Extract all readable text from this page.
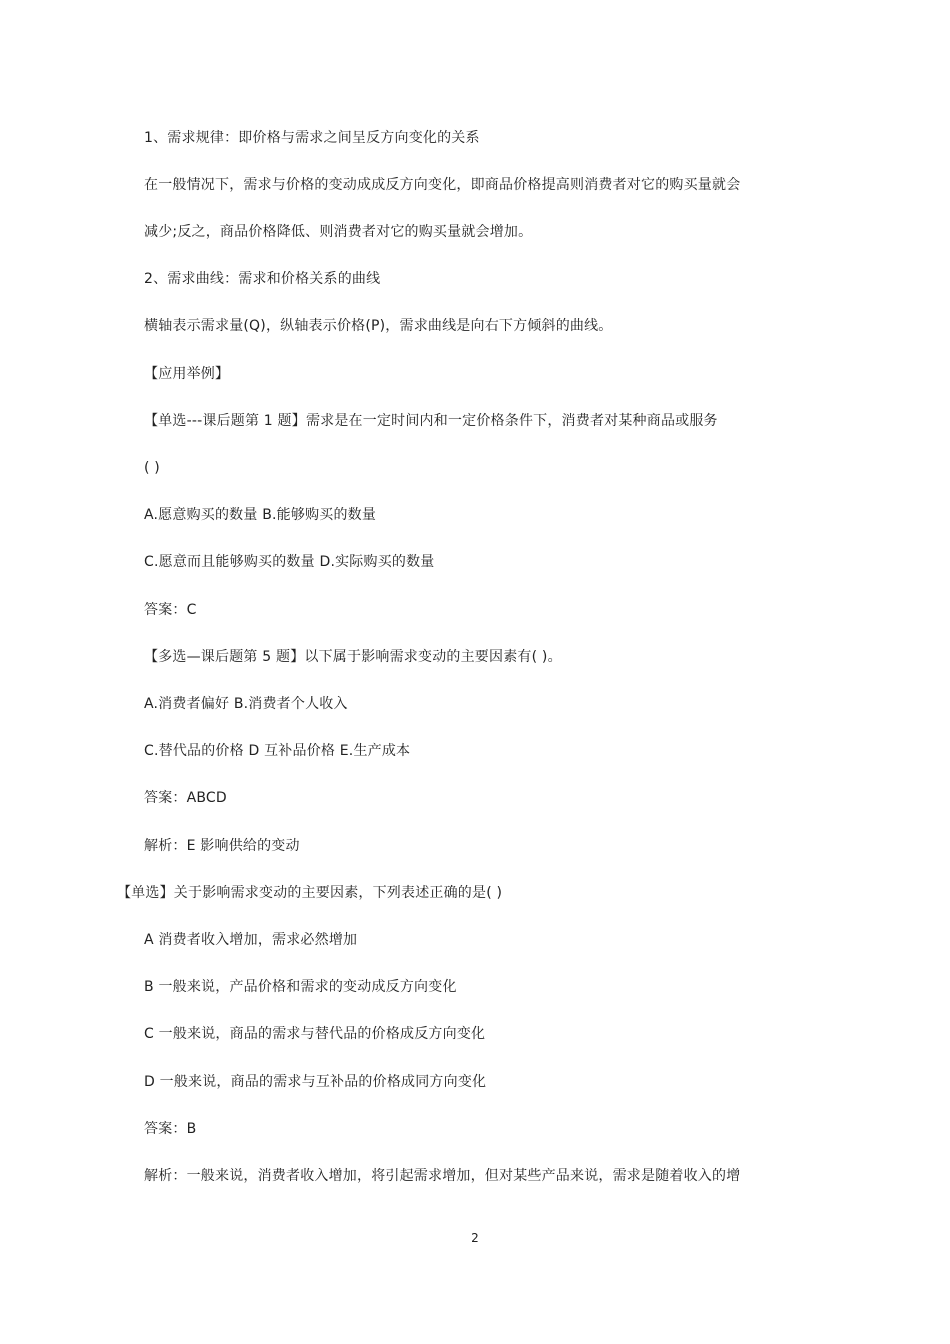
1、需求规律：即价格与需求之间呈反方向变化的关系
在一般情况下，需求与价格的变动成成反方向变化，即商品价格提高则消费者对它的购买量就会
减少;反之，商品价格降低、则消费者对它的购买量就会增加。
2、需求曲线：需求和价格关系的曲线
横轴表示需求量(Q)，纵轴表示价格(P)，需求曲线是向右下方倾斜的曲线。
【应用举例】
【单选---课后题第 1 题】需求是在一定时间内和一定价格条件下，消费者对某种商品或服务
( )
A.愿意购买的数量 B.能够购买的数量
C.愿意而且能够购买的数量 D.实际购买的数量
答案：C
【多选—课后题第 5 题】以下属于影响需求变动的主要因素有( )。
A.消费者偏好 B.消费者个人收入
C.替代品的价格 D 互补品价格 E.生产成本
答案：ABCD
解析：E 影响供给的变动
【单选】关于影响需求变动的主要因素，下列表述正确的是( )
A 消费者收入增加，需求必然增加
B 一般来说，产品价格和需求的变动成反方向变化
C 一般来说，商品的需求与替代品的价格成反方向变化
D 一般来说，商品的需求与互补品的价格成同方向变化
答案：B
解析：一般来说，消费者收入增加，将引起需求增加，但对某些产品来说，需求是随着收入的增
2
